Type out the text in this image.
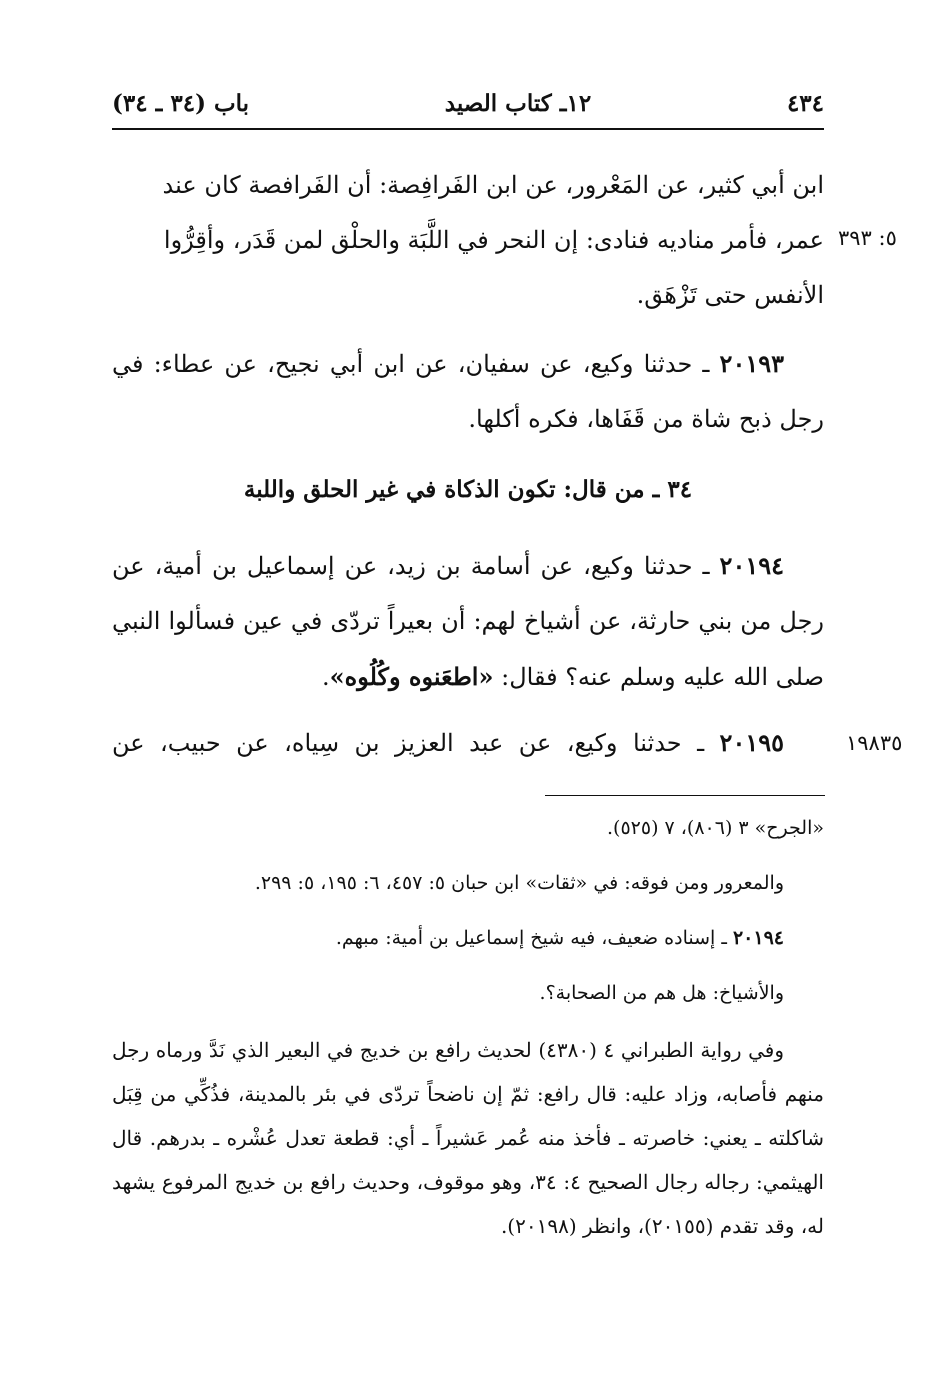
٤٣٤
١٢ـ كتاب الصيد
باب (٣٤ ـ ٣٤)

ابن أبي كثير، عن المَعْرور، عن ابن الفَرافِصة: أن الفَرافصة كان عند
عمر، فأمر مناديه فنادى: إن النحر في اللَّبَة والحلْق لمن قَدَر، وأقِرُّوا
الأنفس حتى تَزْهَق.

٥: ٣٩٣

٢٠١٩٣ ـ حدثنا وكيع، عن سفيان، عن ابن أبي نجيح، عن عطاء: في رجل ذبح شاة من قَفَاها، فكره أكلها.

٣٤ ـ من قال: تكون الذكاة في غير الحلق واللبة

٢٠١٩٤ ـ حدثنا وكيع، عن أسامة بن زيد، عن إسماعيل بن أمية، عن رجل من بني حارثة، عن أشياخ لهم: أن بعيراً تردّى في عين فسألوا النبي صلى الله عليه وسلم عنه؟ فقال: «اطعَنوه وكُلُوه».

٢٠١٩٥ ـ حدثنا وكيع، عن عبد العزيز بن سِياه، عن حبيب، عن	١٩٨٣٥

«الجرح» ٣ (٨٠٦)، ٧ (٥٢٥).

والمعرور ومن فوقه: في «ثقات» ابن حبان ٥: ٤٥٧، ٦: ١٩٥، ٥: ٢٩٩.

٢٠١٩٤ ـ إسناده ضعيف، فيه شيخ إسماعيل بن أمية: مبهم.

والأشياخ: هل هم من الصحابة؟.

وفي رواية الطبراني ٤ (٤٣٨٠) لحديث رافع بن خديج في البعير الذي نَدَّ ورماه رجل منهم فأصابه، وزاد عليه: قال رافع: ثمّ إن ناضحاً تردّى في بئر بالمدينة، فذُكِّي من قِبَل شاكلته ـ يعني: خاصرته ـ فأخذ منه عُمر عَشيراً ـ أي: قطعة تعدل عُشْره ـ بدرهم. قال الهيثمي: رجاله رجال الصحيح ٤: ٣٤، وهو موقوف، وحديث رافع بن خديج المرفوع يشهد له، وقد تقدم (٢٠١٥٥)، وانظر (٢٠١٩٨).
